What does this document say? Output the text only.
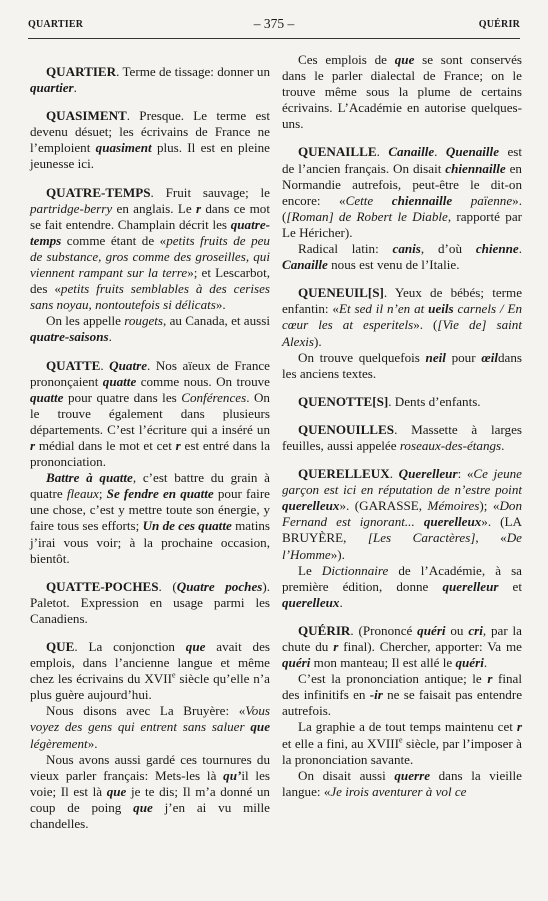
QUARTIER	– 375 –	QUÉRIR

QUARTIER. Terme de tissage: donner un quartier.

QUASIMENT. Presque. Le terme est devenu désuet; les écrivains de France ne l’emploient quasiment plus. Il est en pleine jeunesse ici.

QUATRE-TEMPS. Fruit sauvage; le partridge-berry en anglais. Le r dans ce mot se fait entendre. Champlain décrit les quatre-temps comme étant de «petits fruits de peu de substance, gros comme des groseilles, qui viennent rampant sur la terre»; et Lescarbot, des «petits fruits semblables à des cerises sans noyau, nontoutefois si délicats».

On les appelle rougets, au Canada, et aussi quatre-saisons.

QUATTE. Quatre. Nos aïeux de France prononçaient quatte comme nous. On trouve quatte pour quatre dans les Conférences. On le trouve également dans plusieurs départements. C’est l’écriture qui a inséré un r médial dans le mot et cet r est entré dans la prononciation.

Battre à quatte, c’est battre du grain à quatre fleaux; Se fendre en quatte pour faire une chose, c’est y mettre toute son énergie, y faire tous ses efforts; Un de ces quatte matins j’irai vous voir; à la prochaine occasion, bientôt.

QUATTE-POCHES. (Quatre poches). Paletot. Expression en usage parmi les Canadiens.

QUE. La conjonction que avait des emplois, dans l’ancienne langue et même chez les écrivains du XVIIe siècle qu’elle n’a plus guère aujourd’hui.

Nous disons avec La Bruyère: «Vous voyez des gens qui entrent sans saluer que légèrement».

Nous avons aussi gardé ces tournures du vieux parler français: Mets-les là qu’il les voie; Il est là que je te dis; Il m’a donné un coup de poing que j’en ai vu mille chandelles.

Ces emplois de que se sont conservés dans le parler dialectal de France; on le trouve même sous la plume de certains écrivains. L’Académie en autorise quelques-uns.

QUENAILLE. Canaille. Quenaille est de l’ancien français. On disait chiennaille en Normandie autrefois, peut-être le dit-on encore: «Cette chiennaille païenne». ([Roman] de Robert le Diable, rapporté par Le Héricher).

Radical latin: canis, d’où chienne. Canaille nous est venu de l’Italie.

QUENEUIL[S]. Yeux de bébés; terme enfantin: «Et sed il n’en at ueils carnels / En cœur les at esperitels». ([Vie de] saint Alexis).

On trouve quelquefois neil pour œildans les anciens textes.

QUENOTTE[S]. Dents d’enfants.

QUENOUILLES. Massette à larges feuilles, aussi appelée roseaux-des-étangs.

QUERELLEUX. Querelleur: «Ce jeune garçon est ici en réputation de n’estre point querelleux». (GARASSE, Mémoires); «Don Fernand est ignorant... querelleux». (LA BRUYÈRE, [Les Caractères], «De l’Homme»).

Le Dictionnaire de l’Académie, à sa première édition, donne querelleur et querelleux.

QUÉRIR. (Prononcé quéri ou cri, par la chute du r final). Chercher, apporter: Va me quéri mon manteau; Il est allé le quéri.

C’est la prononciation antique; le r final des infinitifs en -ir ne se faisait pas entendre autrefois.

La graphie a de tout temps maintenu cet r et elle a fini, au XVIIIe siècle, par l’imposer à la prononciation savante.

On disait aussi querre dans la vieille langue: «Je irois aventurer à vol ce
